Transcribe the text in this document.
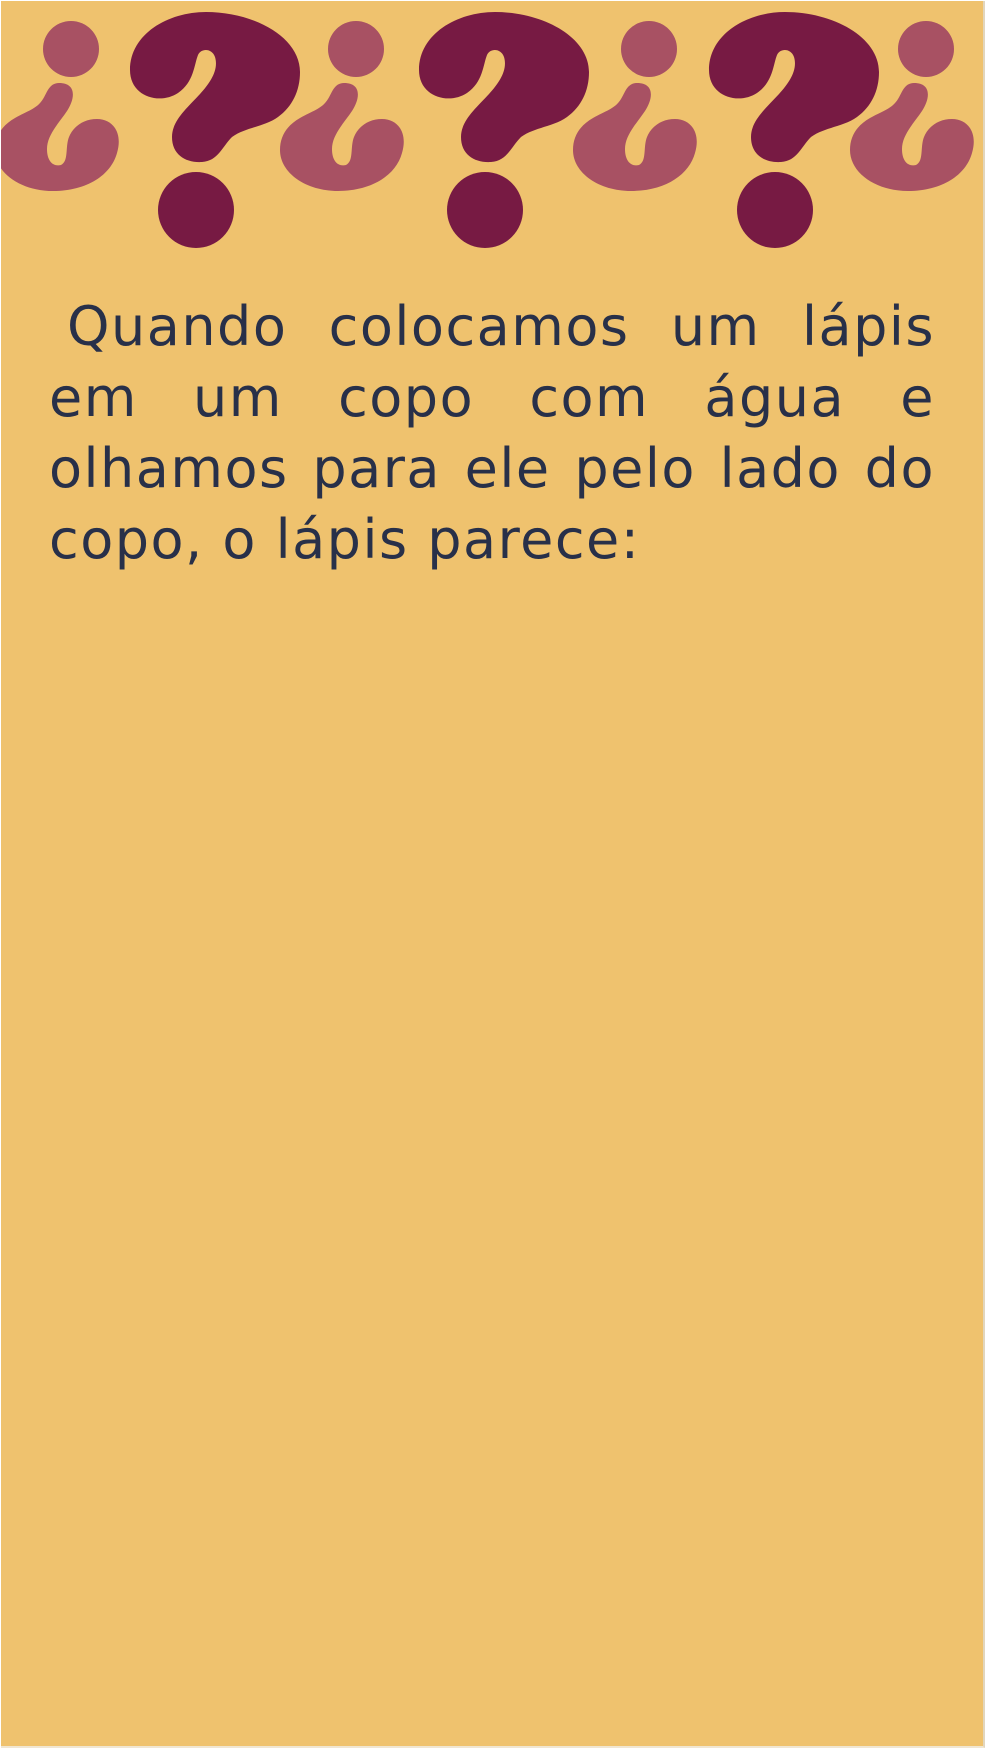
Quando colocamos um lápis em um copo com água e olhamos para ele pelo lado do copo, o lápis parece:
